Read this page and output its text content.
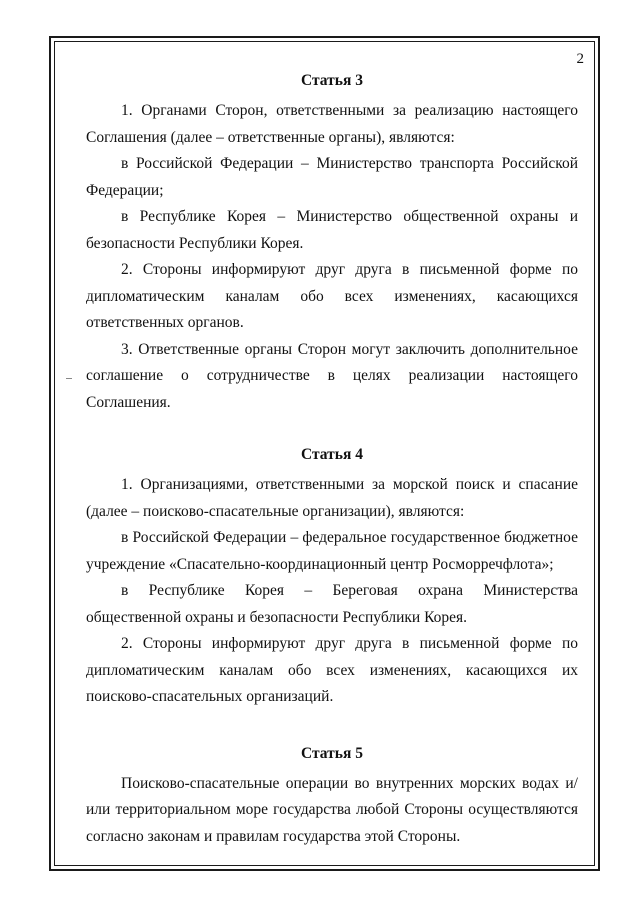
2
Статья 3

1. Органами Сторон, ответственными за реализацию настоящего Соглашения (далее – ответственные органы), являются:

в Российской Федерации – Министерство транспорта Российской Федерации;

в Республике Корея – Министерство общественной охраны и безопасности Республики Корея.

2. Стороны информируют друг друга в письменной форме по дипломатическим каналам обо всех изменениях, касающихся ответственных органов.

3. Ответственные органы Сторон могут заключить дополнительное соглашение о сотрудничестве в целях реализации настоящего Соглашения.

Статья 4

1. Организациями, ответственными за морской поиск и спасание (далее – поисково-спасательные организации), являются:

в Российской Федерации – федеральное государственное бюджетное учреждение «Спасательно-координационный центр Росморречфлота»;

в Республике Корея – Береговая охрана Министерства общественной охраны и безопасности Республики Корея.

2. Стороны информируют друг друга в письменной форме по дипломатическим каналам обо всех изменениях, касающихся их поисково-спасательных организаций.

Статья 5

Поисково-спасательные операции во внутренних морских водах и/или территориальном море государства любой Стороны осуществляются согласно законам и правилам государства этой Стороны.
